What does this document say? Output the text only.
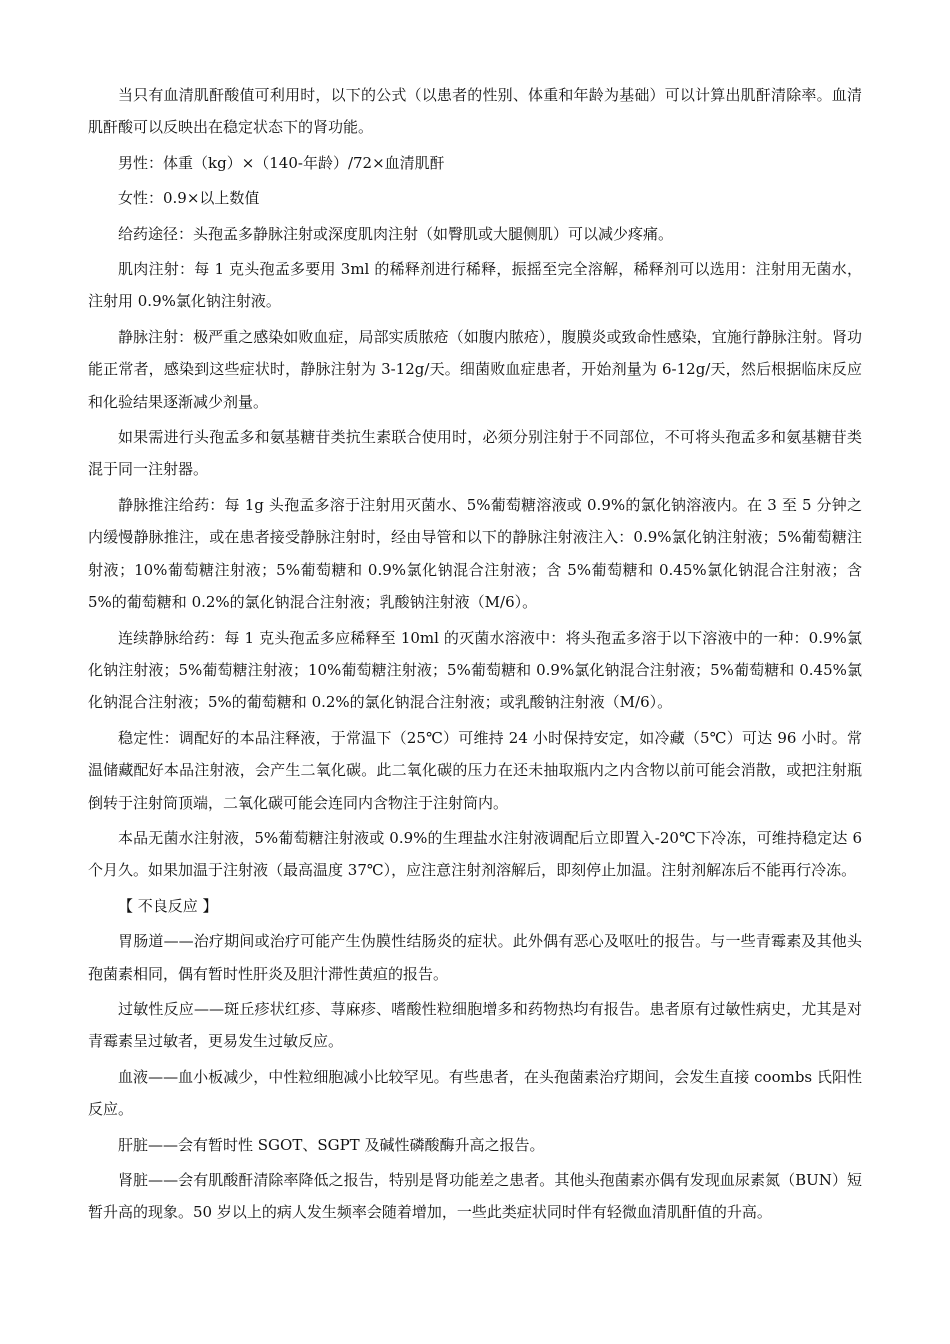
当只有血清肌酐酸值可利用时，以下的公式（以患者的性别、体重和年龄为基础）可以计算出肌酐清除率。血清肌酐酸可以反映出在稳定状态下的肾功能。

男性：体重（kg）×（140-年龄）/72×血清肌酐

女性：0.9×以上数值

给药途径：头孢孟多静脉注射或深度肌肉注射（如臀肌或大腿侧肌）可以减少疼痛。

肌肉注射：每 1 克头孢孟多要用 3ml 的稀释剂进行稀释，振摇至完全溶解，稀释剂可以选用：注射用无菌水，注射用 0.9%氯化钠注射液。

静脉注射：极严重之感染如败血症，局部实质脓疮（如腹内脓疮），腹膜炎或致命性感染，宜施行静脉注射。肾功能正常者，感染到这些症状时，静脉注射为 3-12g/天。细菌败血症患者，开始剂量为 6-12g/天，然后根据临床反应和化验结果逐渐减少剂量。

如果需进行头孢孟多和氨基糖苷类抗生素联合使用时，必须分别注射于不同部位，不可将头孢孟多和氨基糖苷类混于同一注射器。

静脉推注给药：每 1g 头孢孟多溶于注射用灭菌水、5%葡萄糖溶液或 0.9%的氯化钠溶液内。在 3 至 5 分钟之内缓慢静脉推注，或在患者接受静脉注射时，经由导管和以下的静脉注射液注入：0.9%氯化钠注射液；5%葡萄糖注射液；10%葡萄糖注射液；5%葡萄糖和 0.9%氯化钠混合注射液；含 5%葡萄糖和 0.45%氯化钠混合注射液；含 5%的葡萄糖和 0.2%的氯化钠混合注射液；乳酸钠注射液（M/6）。

连续静脉给药：每 1 克头孢孟多应稀释至 10ml 的灭菌水溶液中：将头孢孟多溶于以下溶液中的一种：0.9%氯化钠注射液；5%葡萄糖注射液；10%葡萄糖注射液；5%葡萄糖和 0.9%氯化钠混合注射液；5%葡萄糖和 0.45%氯化钠混合注射液；5%的葡萄糖和 0.2%的氯化钠混合注射液；或乳酸钠注射液（M/6）。

稳定性：调配好的本品注释液，于常温下（25℃）可维持 24 小时保持安定，如冷藏（5℃）可达 96 小时。常温储藏配好本品注射液，会产生二氧化碳。此二氧化碳的压力在还未抽取瓶内之内含物以前可能会消散，或把注射瓶倒转于注射筒顶端，二氧化碳可能会连同内含物注于注射筒内。

本品无菌水注射液，5%葡萄糖注射液或 0.9%的生理盐水注射液调配后立即置入-20℃下冷冻，可维持稳定达 6 个月久。如果加温于注射液（最高温度 37℃），应注意注射剂溶解后，即刻停止加温。注射剂解冻后不能再行冷冻。

【 不良反应 】

胃肠道——治疗期间或治疗可能产生伪膜性结肠炎的症状。此外偶有恶心及呕吐的报告。与一些青霉素及其他头孢菌素相同，偶有暂时性肝炎及胆汁滞性黄疸的报告。

过敏性反应——斑丘疹状红疹、荨麻疹、嗜酸性粒细胞增多和药物热均有报告。患者原有过敏性病史，尤其是对青霉素呈过敏者，更易发生过敏反应。

血液——血小板减少，中性粒细胞减小比较罕见。有些患者，在头孢菌素治疗期间，会发生直接 coombs 氏阳性反应。

肝脏——会有暂时性 SGOT、SGPT 及碱性磷酸酶升高之报告。

肾脏——会有肌酸酐清除率降低之报告，特别是肾功能差之患者。其他头孢菌素亦偶有发现血尿素氮（BUN）短暂升高的现象。50 岁以上的病人发生频率会随着增加，一些此类症状同时伴有轻微血清肌酐值的升高。
